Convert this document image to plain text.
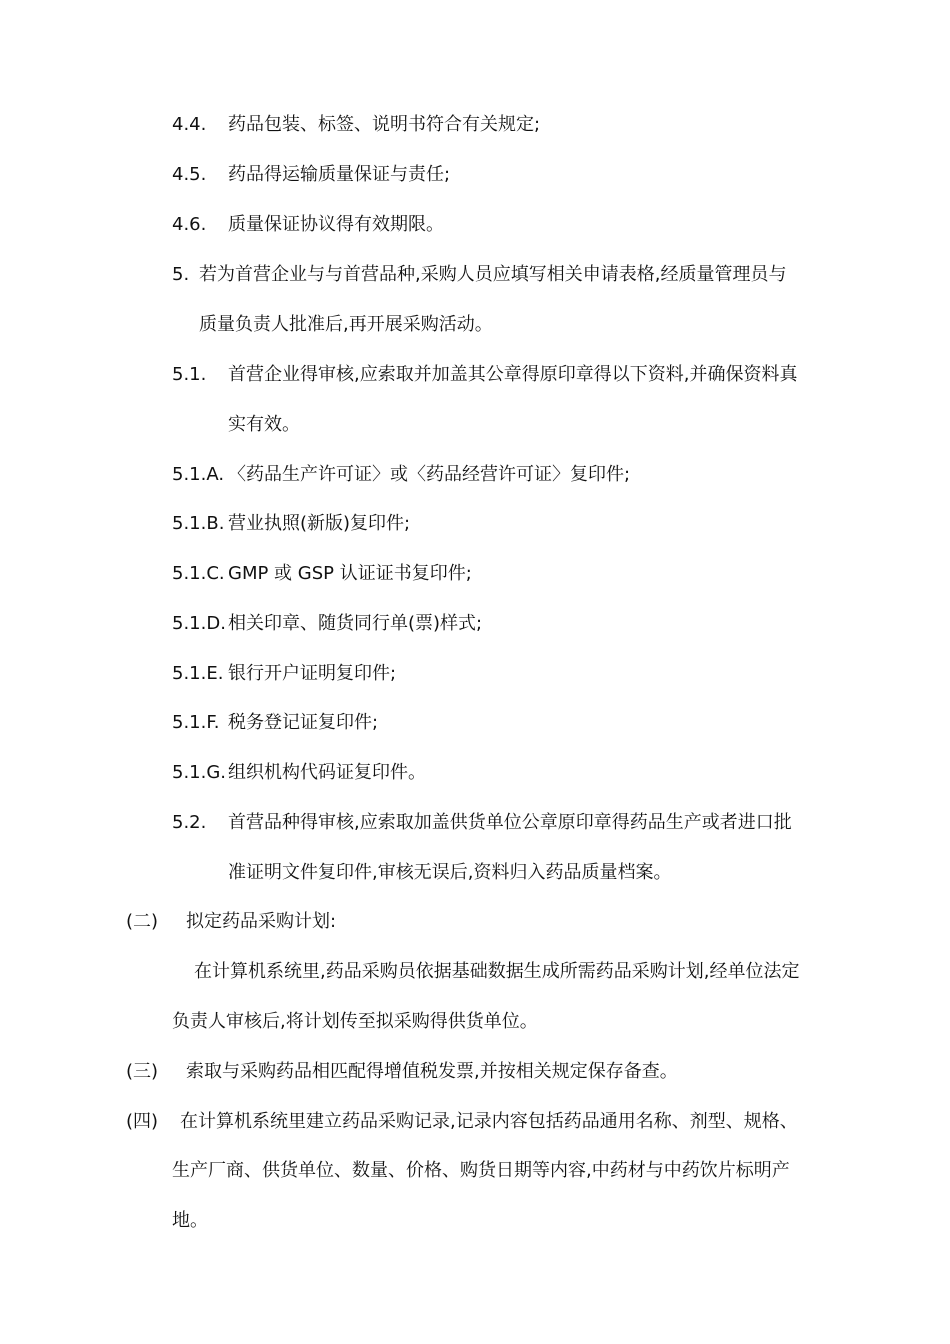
4.4. 药品包装、标签、说明书符合有关规定;
4.5. 药品得运输质量保证与责任;
4.6. 质量保证协议得有效期限。
5. 若为首营企业与与首营品种,采购人员应填写相关申请表格,经质量管理员与
质量负责人批准后,再开展采购活动。
5.1. 首营企业得审核,应索取并加盖其公章得原印章得以下资料,并确保资料真
实有效。
5.1.A. 〈药品生产许可证〉或〈药品经营许可证〉复印件;
5.1.B. 营业执照(新版)复印件;
5.1.C. GMP 或 GSP 认证证书复印件;
5.1.D. 相关印章、随货同行单(票)样式;
5.1.E. 银行开户证明复印件;
5.1.F. 税务登记证复印件;
5.1.G. 组织机构代码证复印件。
5.2. 首营品种得审核,应索取加盖供货单位公章原印章得药品生产或者进口批
准证明文件复印件,审核无误后,资料归入药品质量档案。
(二) 拟定药品采购计划:
在计算机系统里,药品采购员依据基础数据生成所需药品采购计划,经单位法定
负责人审核后,将计划传至拟采购得供货单位。
(三) 索取与采购药品相匹配得增值税发票,并按相关规定保存备查。
(四) 在计算机系统里建立药品采购记录,记录内容包括药品通用名称、剂型、规格、
生产厂商、供货单位、数量、价格、购货日期等内容,中药材与中药饮片标明产
地。
